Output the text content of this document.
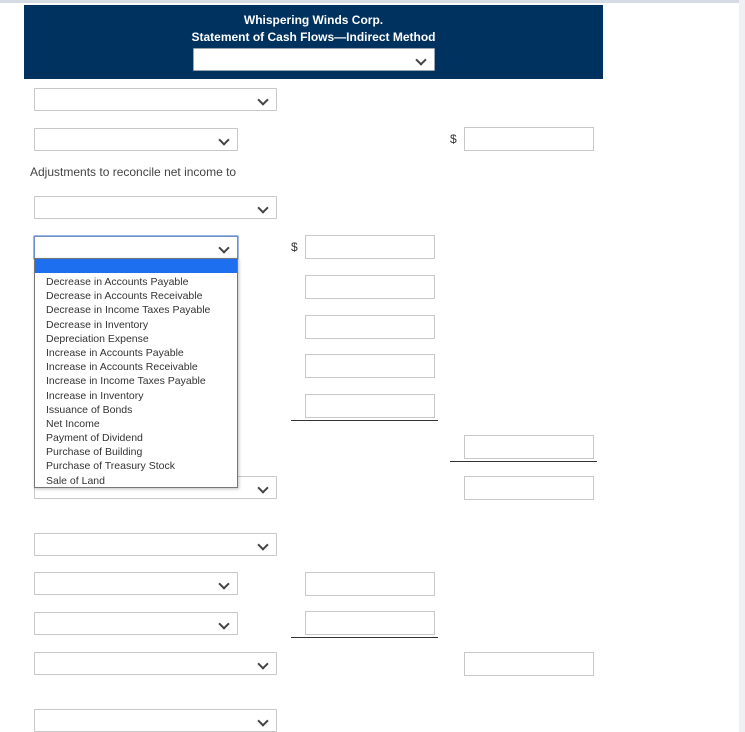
Whispering Winds Corp.
Statement of Cash Flows—Indirect Method
$
Adjustments to reconcile net income to
$
Decrease in Accounts Payable
Decrease in Accounts Receivable
Decrease in Income Taxes Payable
Decrease in Inventory
Depreciation Expense
Increase in Accounts Payable
Increase in Accounts Receivable
Increase in Income Taxes Payable
Increase in Inventory
Issuance of Bonds
Net Income
Payment of Dividend
Purchase of Building
Purchase of Treasury Stock
Sale of Land
